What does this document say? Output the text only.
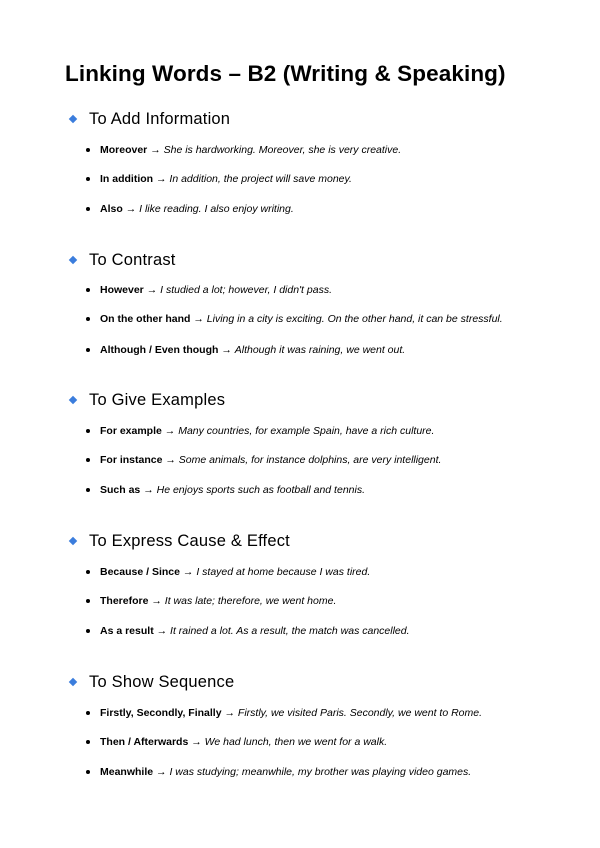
Linking Words – B2 (Writing & Speaking)
To Add Information
Moreover → She is hardworking. Moreover, she is very creative.
In addition → In addition, the project will save money.
Also → I like reading. I also enjoy writing.
To Contrast
However → I studied a lot; however, I didn't pass.
On the other hand → Living in a city is exciting. On the other hand, it can be stressful.
Although / Even though → Although it was raining, we went out.
To Give Examples
For example → Many countries, for example Spain, have a rich culture.
For instance → Some animals, for instance dolphins, are very intelligent.
Such as → He enjoys sports such as football and tennis.
To Express Cause & Effect
Because / Since → I stayed at home because I was tired.
Therefore → It was late; therefore, we went home.
As a result → It rained a lot. As a result, the match was cancelled.
To Show Sequence
Firstly, Secondly, Finally → Firstly, we visited Paris. Secondly, we went to Rome.
Then / Afterwards → We had lunch, then we went for a walk.
Meanwhile → I was studying; meanwhile, my brother was playing video games.
